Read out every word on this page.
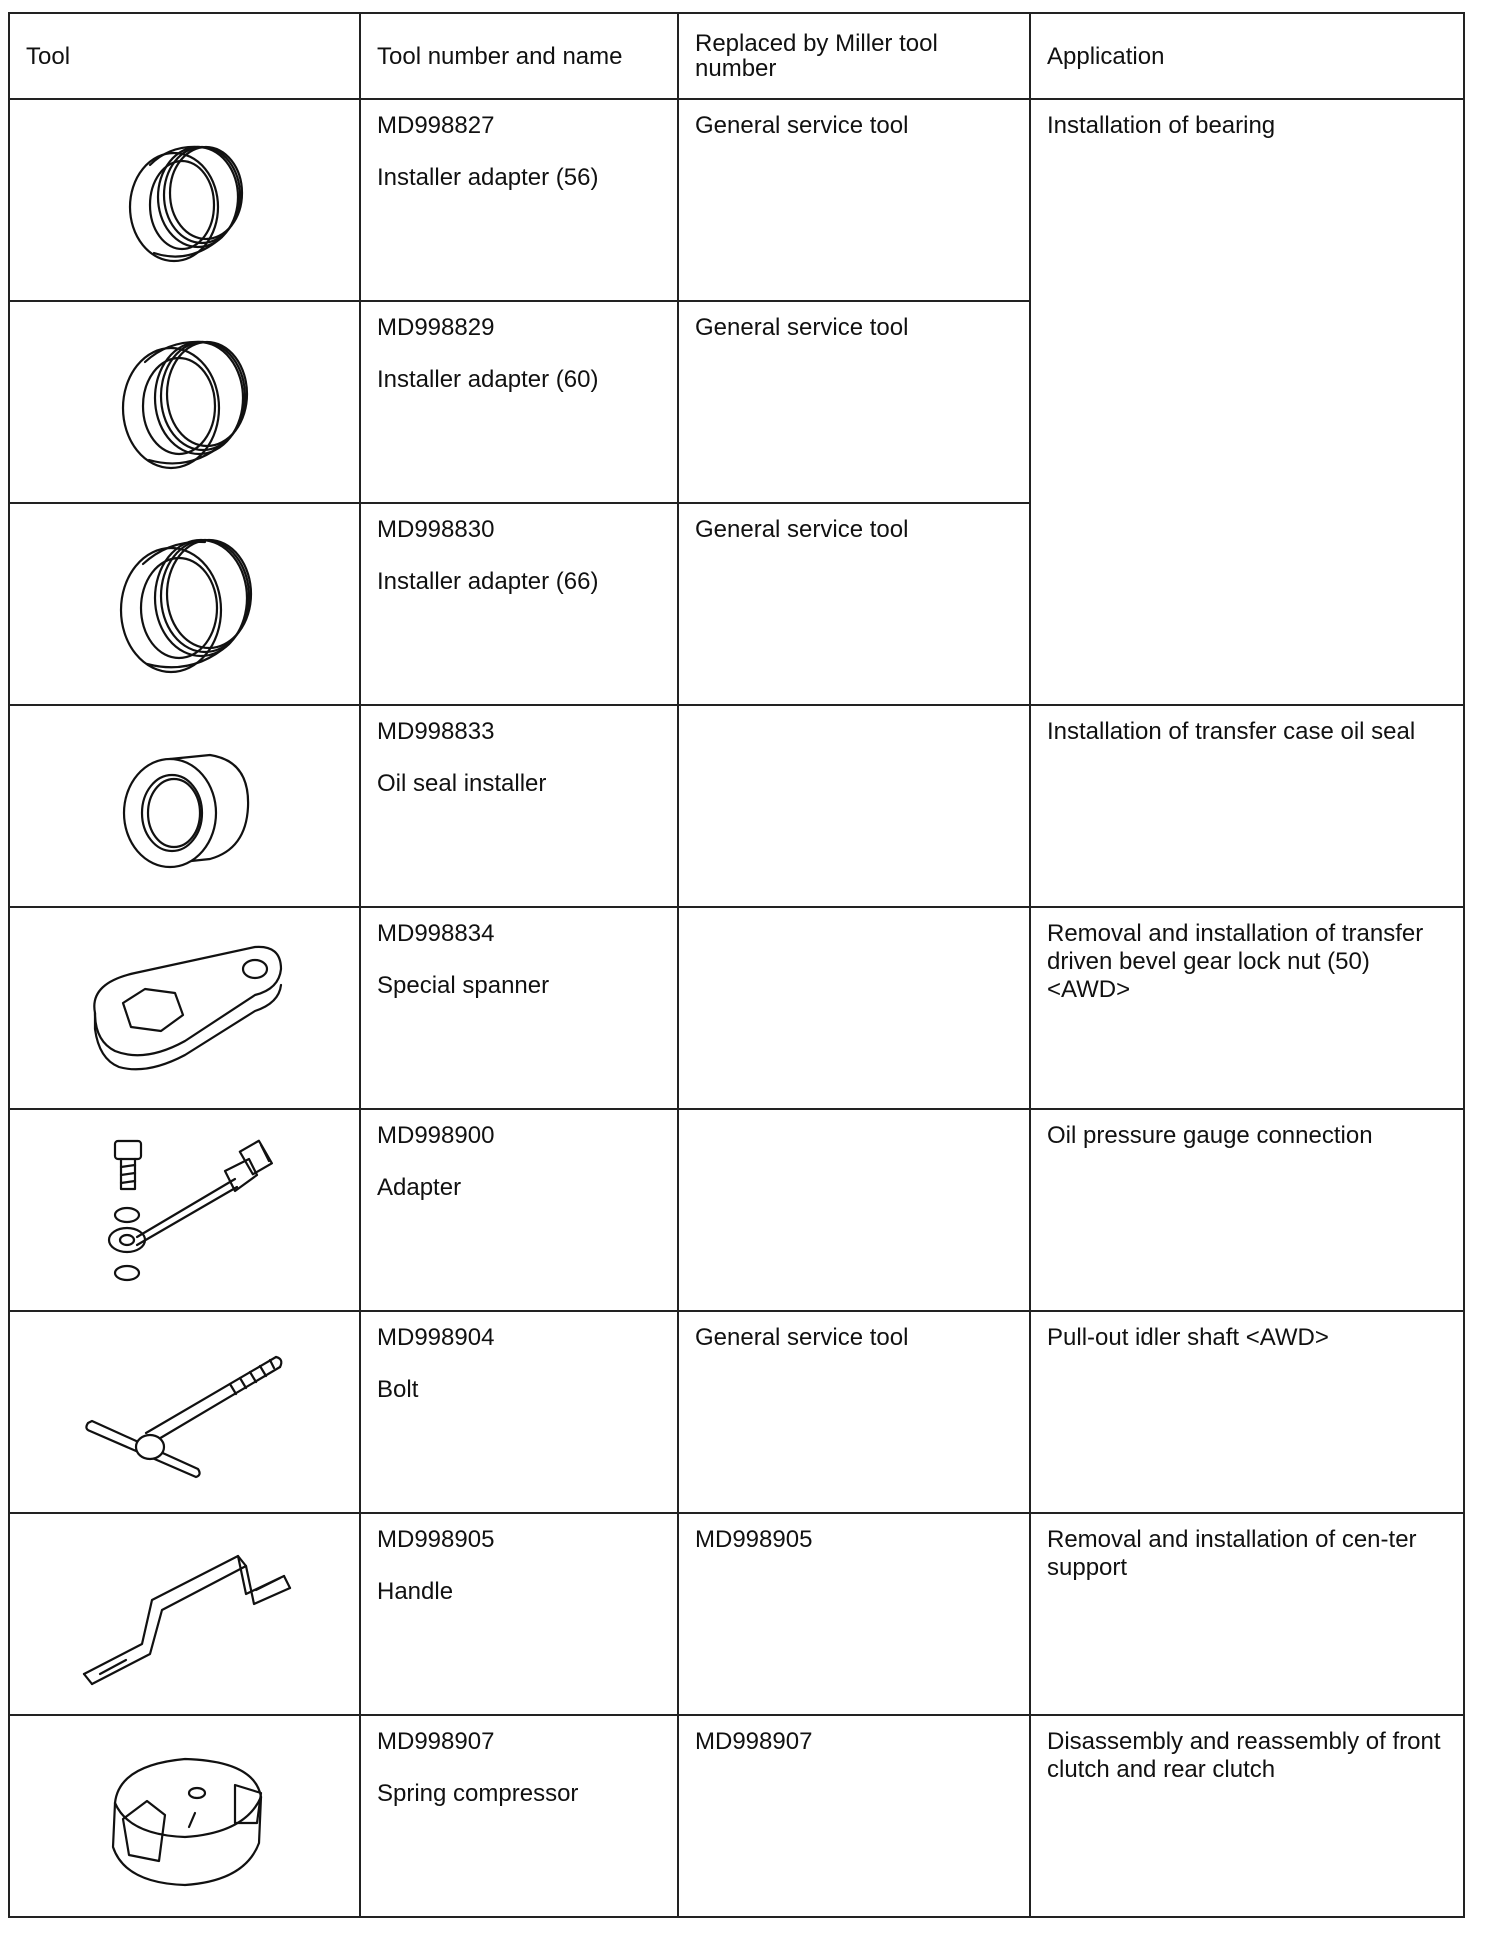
Tool	Tool number and name	Replaced by Miller tool number	Application

MD998827
Installer adapter (56)	General service tool	Installation of bearing

MD998829
Installer adapter (60)	General service tool	

MD998830
Installer adapter (66)	General service tool	

MD998833
Oil seal installer		Installation of transfer case oil seal

MD998834
Special spanner		Removal and installation of transfer driven bevel gear lock nut (50)<AWD>

MD998900
Adapter		Oil pressure gauge connection

MD998904
Bolt	General service tool	Pull-out idler shaft <AWD>

MD998905
Handle	MD998905	Removal and installation of cen-ter support

MD998907
Spring compressor	MD998907	Disassembly and reassembly of front clutch and rear clutch
